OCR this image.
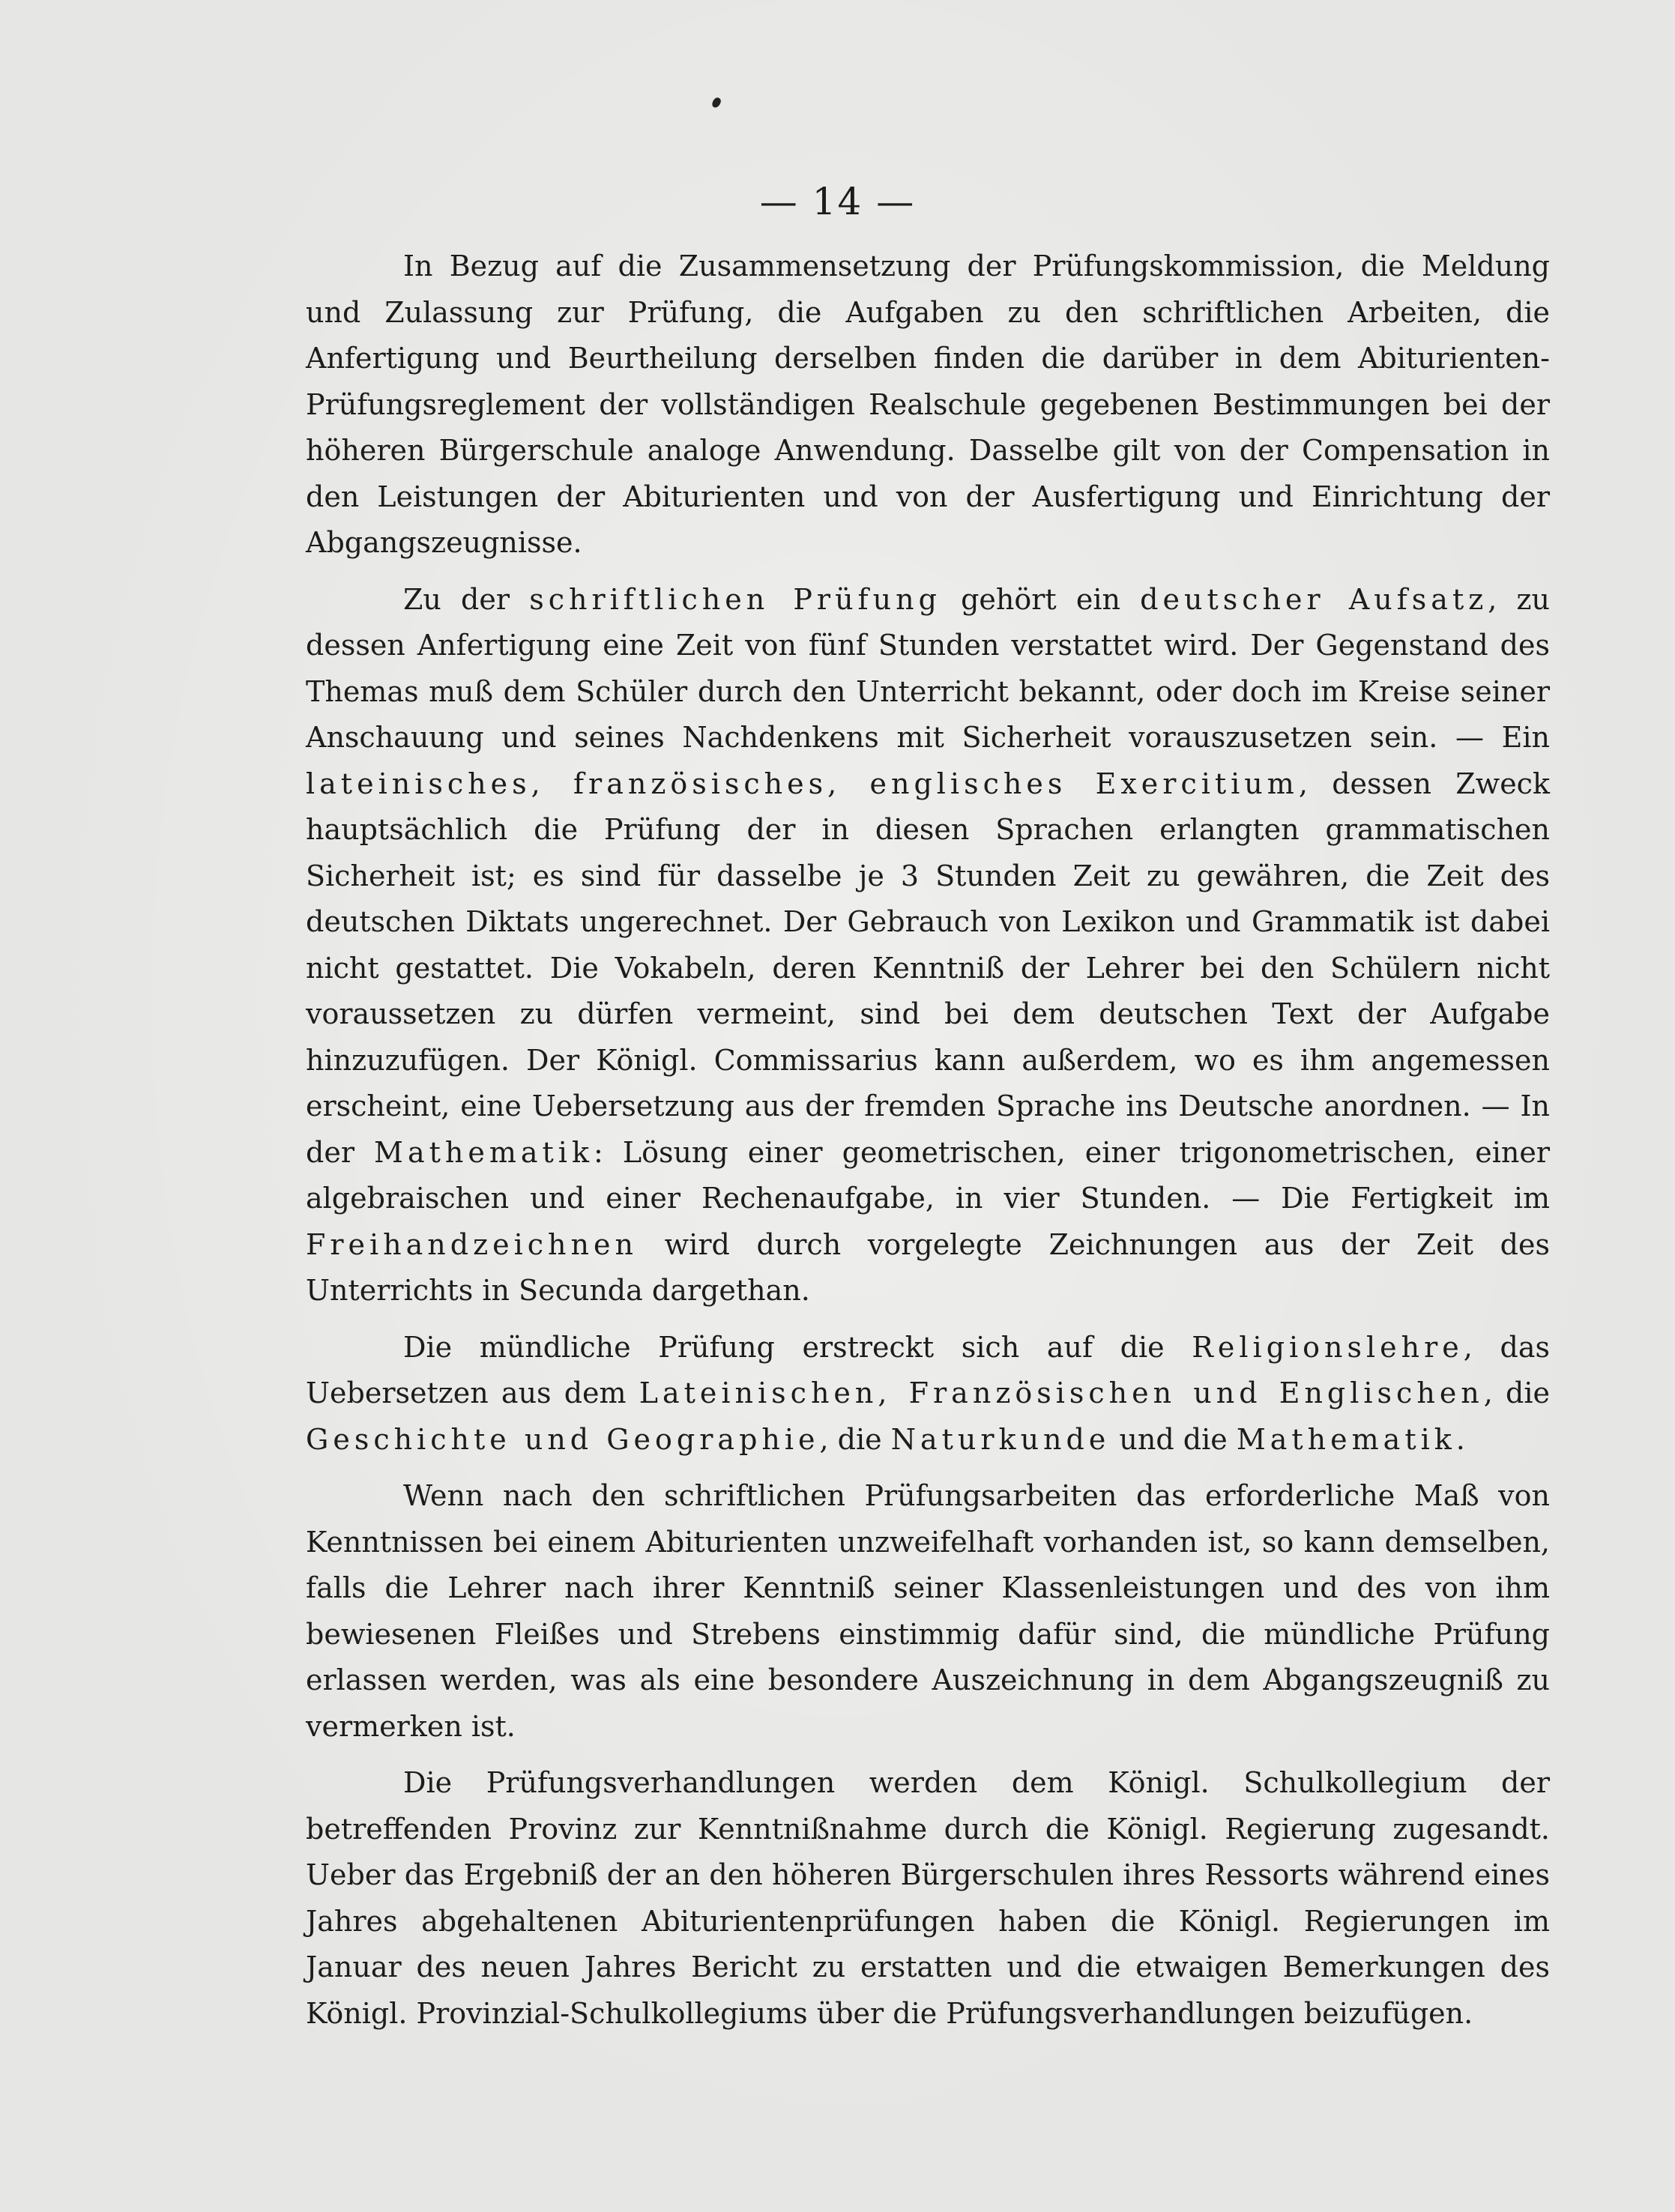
— 14 —

In Bezug auf die Zusammensetzung der Prüfungskommission, die Meldung und Zulassung zur Prüfung, die Aufgaben zu den schriftlichen Arbeiten, die Anfertigung und Beurtheilung derselben finden die darüber in dem Abiturienten-Prüfungsreglement der vollständigen Realschule gegebenen Bestimmungen bei der höheren Bürgerschule analoge Anwendung. Dasselbe gilt von der Compensation in den Leistungen der Abiturienten und von der Ausfertigung und Einrichtung der Abgangszeugnisse.

Zu der schriftlichen Prüfung gehört ein deutscher Aufsatz, zu dessen Anfertigung eine Zeit von fünf Stunden verstattet wird. Der Gegenstand des Themas muß dem Schüler durch den Unterricht bekannt, oder doch im Kreise seiner Anschauung und seines Nachdenkens mit Sicherheit vorauszusetzen sein. — Ein lateinisches, französisches, englisches Exercitium, dessen Zweck hauptsächlich die Prüfung der in diesen Sprachen erlangten grammatischen Sicherheit ist; es sind für dasselbe je 3 Stunden Zeit zu gewähren, die Zeit des deutschen Diktats ungerechnet. Der Gebrauch von Lexikon und Grammatik ist dabei nicht gestattet. Die Vokabeln, deren Kenntniß der Lehrer bei den Schülern nicht voraussetzen zu dürfen vermeint, sind bei dem deutschen Text der Aufgabe hinzuzufügen. Der Königl. Commissarius kann außerdem, wo es ihm angemessen erscheint, eine Uebersetzung aus der fremden Sprache ins Deutsche anordnen. — In der Mathematik: Lösung einer geometrischen, einer trigonometrischen, einer algebraischen und einer Rechenaufgabe, in vier Stunden. — Die Fertigkeit im Freihandzeichnen wird durch vorgelegte Zeichnungen aus der Zeit des Unterrichts in Secunda dargethan.

Die mündliche Prüfung erstreckt sich auf die Religionslehre, das Uebersetzen aus dem Lateinischen, Französischen und Englischen, die Geschichte und Geographie, die Naturkunde und die Mathematik.

Wenn nach den schriftlichen Prüfungsarbeiten das erforderliche Maß von Kenntnissen bei einem Abiturienten unzweifelhaft vorhanden ist, so kann demselben, falls die Lehrer nach ihrer Kenntniß seiner Klassenleistungen und des von ihm bewiesenen Fleißes und Strebens einstimmig dafür sind, die mündliche Prüfung erlassen werden, was als eine besondere Auszeichnung in dem Abgangszeugniß zu vermerken ist.

Die Prüfungsverhandlungen werden dem Königl. Schulkollegium der betreffenden Provinz zur Kenntnißnahme durch die Königl. Regierung zugesandt. Ueber das Ergebniß der an den höheren Bürgerschulen ihres Ressorts während eines Jahres abgehaltenen Abiturientenprüfungen haben die Königl. Regierungen im Januar des neuen Jahres Bericht zu erstatten und die etwaigen Bemerkungen des Königl. Provinzial-Schulkollegiums über die Prüfungsverhandlungen beizufügen.
